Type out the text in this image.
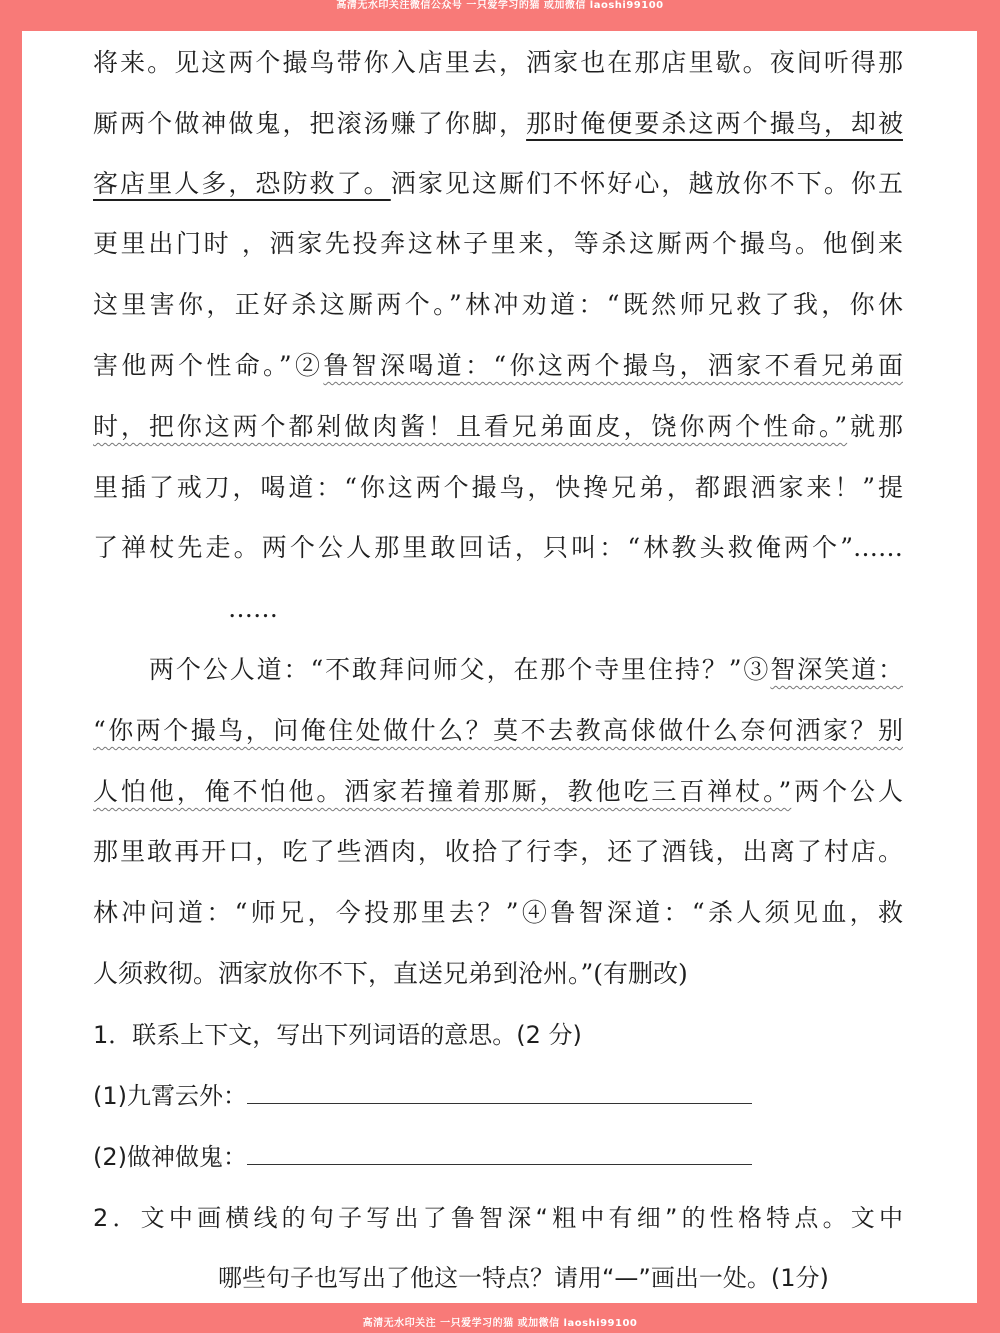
高清无水印关注微信公众号 一只爱学习的猫 或加微信 laoshi99100
将来。见这两个撮鸟带你入店里去，洒家也在那店里歇。夜间听得那
厮两个做神做鬼，把滚汤赚了你脚，那时俺便要杀这两个撮鸟，却被
客店里人多，恐防救了。洒家见这厮们不怀好心，越放你不下。你五
更里出门时 ，洒家先投奔这林子里来，等杀这厮两个撮鸟。他倒来
这里害你，正好杀这厮两个。”林冲劝道：“既然师兄救了我，你休
害他两个性命。”②鲁智深喝道：“你这两个撮鸟，洒家不看兄弟面
时，把你这两个都剁做肉酱！且看兄弟面皮，饶你两个性命。”就那
里插了戒刀，喝道：“你这两个撮鸟，快搀兄弟，都跟洒家来！”提
了禅杖先走。两个公人那里敢回话，只叫：“林教头救俺两个”……
……
两个公人道：“不敢拜问师父，在那个寺里住持？”③智深笑道：
“你两个撮鸟，问俺住处做什么？莫不去教高俅做什么奈何洒家？别
人怕他，俺不怕他。洒家若撞着那厮，教他吃三百禅杖。”两个公人
那里敢再开口，吃了些酒肉，收拾了行李，还了酒钱，出离了村店。
林冲问道：“师兄，今投那里去？”④鲁智深道：“杀人须见血，救
人须救彻。洒家放你不下，直送兄弟到沧州。”(有删改)
1．联系上下文，写出下列词语的意思。(2 分)
(1)九霄云外：
(2)做神做鬼：
2．文中画横线的句子写出了鲁智深“粗中有细”的性格特点。文中
哪些句子也写出了他这一特点？请用“—”画出一处。(1分)
高清无水印关注 一只爱学习的猫 或加微信 laoshi99100
